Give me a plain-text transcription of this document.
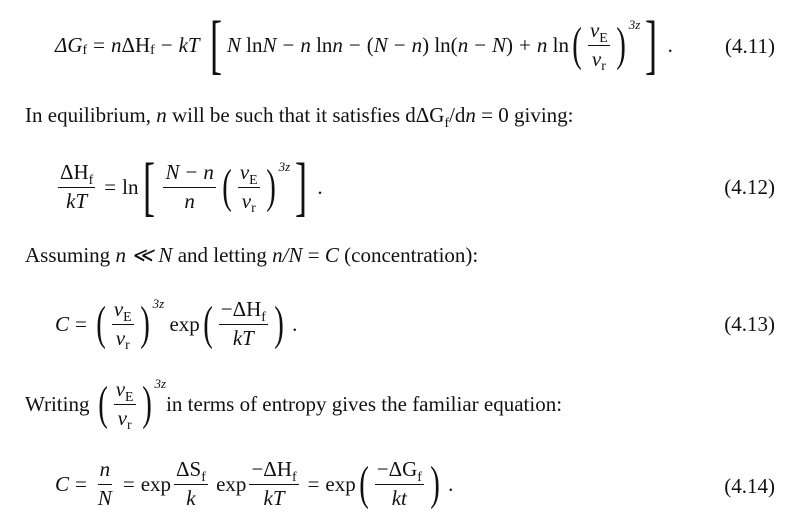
ΔG f = n ΔH f − kT
[ N ln N − n ln n − ( N − n ) ln( n − N ) + n ln ( $\frac{\nu_E}{\nu_r}$ ) 3z ] . (4.11)
In equilibrium, n will be such that it satisfies dΔG$_f$/dn = 0 giving:
$\frac{\Delta H_f}{kT} = \ln$ [ $\frac{N - n}{n}$ ( $\frac{\nu_E}{\nu_r}$ ) 3z ] .	(4.12)
Assuming n ≪ N and letting n/N = C (concentration):
C = ( $\frac{\nu_E}{\nu_r}$ ) 3z
exp ( $\frac{-\Delta H_f}{kT}$ ) .	(4.13)
Writing
( $\frac{\nu_E}{\nu_r}$ ) 3z
in terms of entropy gives the familiar equation:
$C = \frac{n}{N} = \exp \frac{\Delta S_f}{k}$ $\exp \frac{-\Delta H_f}{kT} = \exp$ ( $\frac{-\Delta G_f}{kt}$ ) .	(4.14)
